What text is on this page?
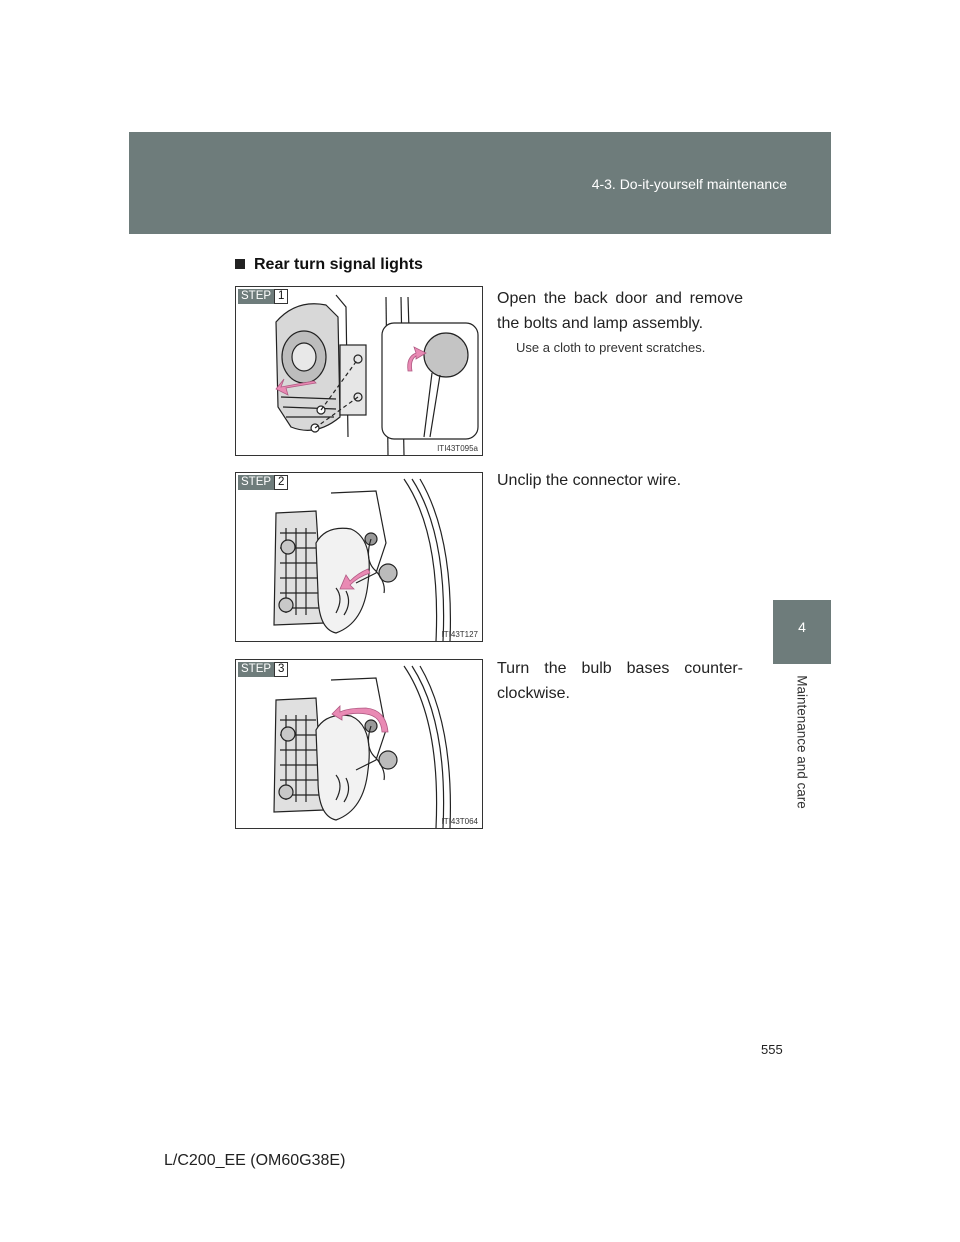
4-3. Do-it-yourself maintenance
4
Maintenance and care
Rear turn signal lights
STEP 1
ITI43T095a
Open the back door and remove the bolts and lamp assembly.
Use a cloth to prevent scratches.
STEP 2
ITI43T127
Unclip the connector wire.
STEP 3
ITI43T064
Turn the bulb bases counter-clockwise.
555
L/C200_EE (OM60G38E)
